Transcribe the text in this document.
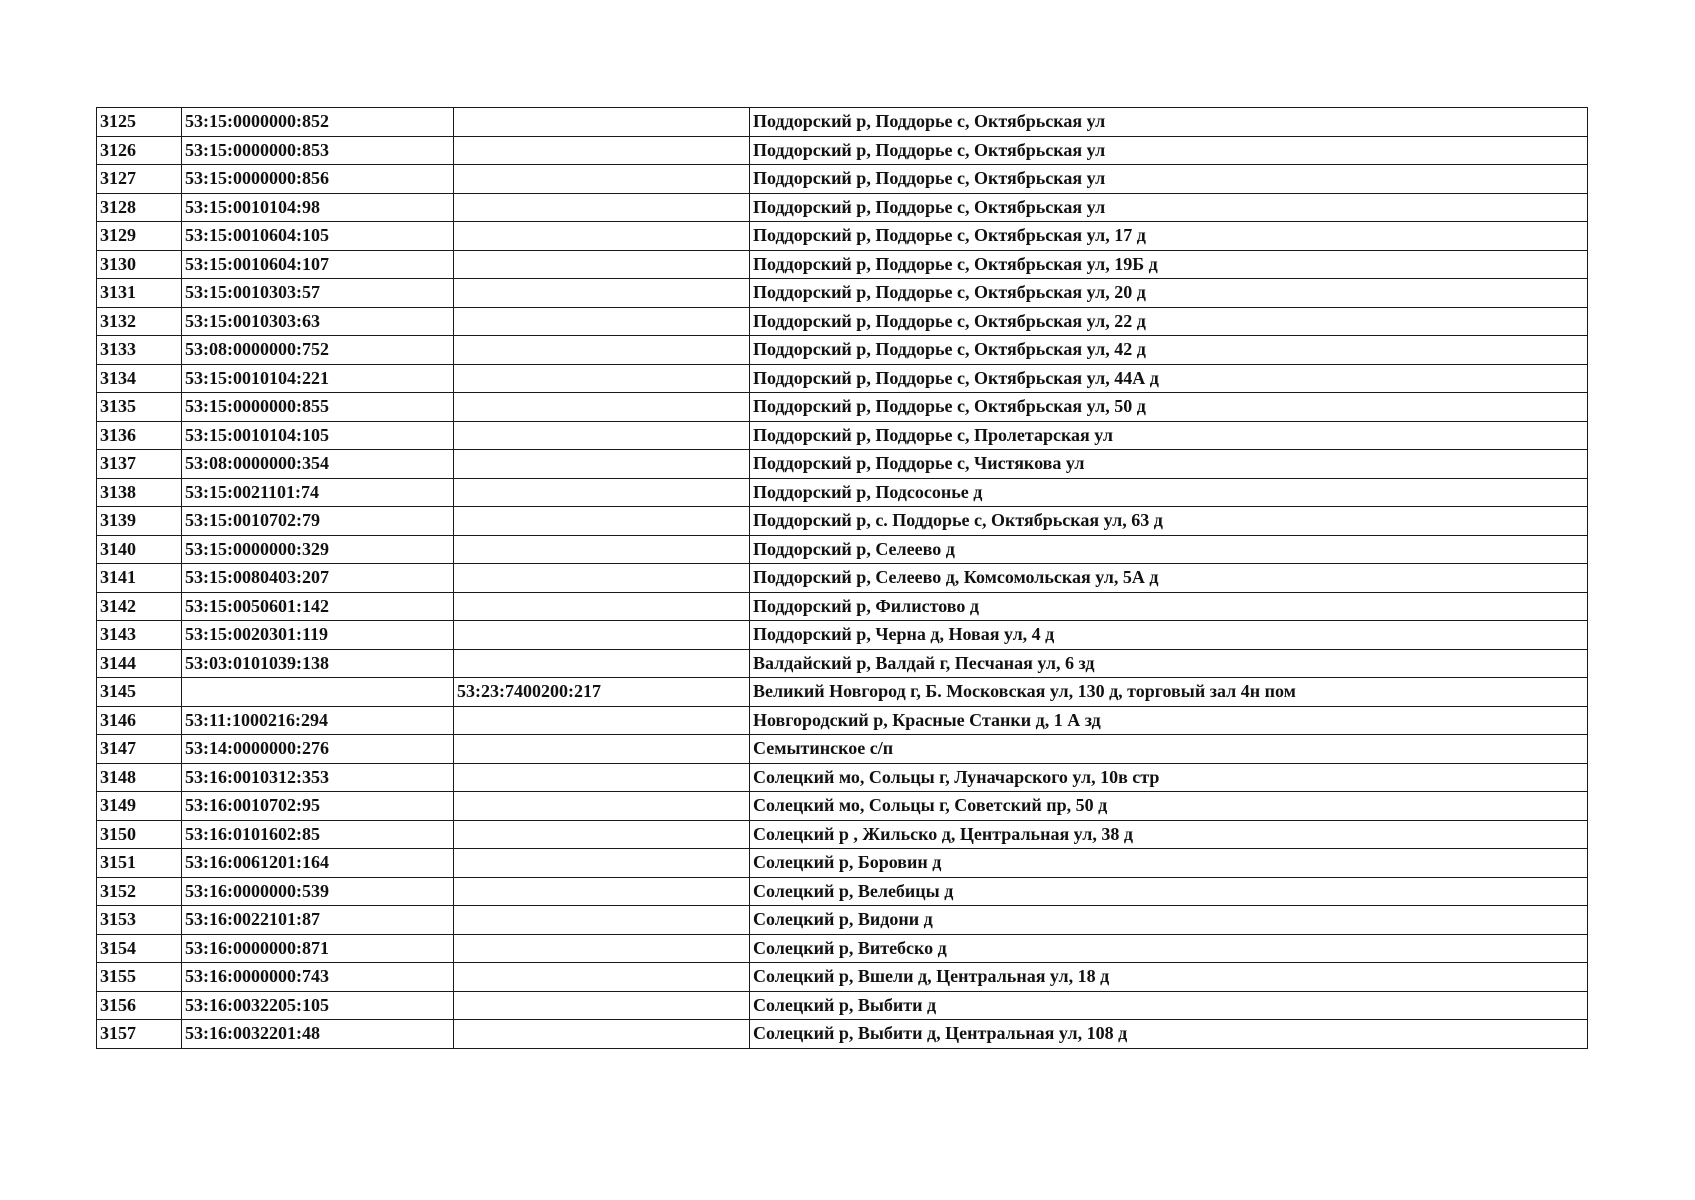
3125	53:15:0000000:852		Поддорский р, Поддорье с, Октябрьская ул
3126	53:15:0000000:853		Поддорский р, Поддорье с, Октябрьская ул
3127	53:15:0000000:856		Поддорский р, Поддорье с, Октябрьская ул
3128	53:15:0010104:98		Поддорский р, Поддорье с, Октябрьская ул
3129	53:15:0010604:105		Поддорский р, Поддорье с, Октябрьская ул, 17 д
3130	53:15:0010604:107		Поддорский р, Поддорье с, Октябрьская ул, 19Б д
3131	53:15:0010303:57		Поддорский р, Поддорье с, Октябрьская ул, 20 д
3132	53:15:0010303:63		Поддорский р, Поддорье с, Октябрьская ул, 22 д
3133	53:08:0000000:752		Поддорский р, Поддорье с, Октябрьская ул, 42 д
3134	53:15:0010104:221		Поддорский р, Поддорье с, Октябрьская ул, 44А д
3135	53:15:0000000:855		Поддорский р, Поддорье с, Октябрьская ул, 50 д
3136	53:15:0010104:105		Поддорский р, Поддорье с, Пролетарская ул
3137	53:08:0000000:354		Поддорский р, Поддорье с, Чистякова ул
3138	53:15:0021101:74		Поддорский р, Подсосонье д
3139	53:15:0010702:79		Поддорский р, с. Поддорье с, Октябрьская ул, 63 д
3140	53:15:0000000:329		Поддорский р, Селеево д
3141	53:15:0080403:207		Поддорский р, Селеево д, Комсомольская ул, 5А д
3142	53:15:0050601:142		Поддорский р, Филистово д
3143	53:15:0020301:119		Поддорский р, Черна д, Новая ул, 4 д
3144	53:03:0101039:138		Валдайский р, Валдай г, Песчаная ул, 6 зд
3145		53:23:7400200:217	Великий Новгород г, Б. Московская ул, 130 д, торговый зал 4н пом
3146	53:11:1000216:294		Новгородский р, Красные Станки д, 1 А зд
3147	53:14:0000000:276		Семытинское с/п
3148	53:16:0010312:353		Солецкий мо, Сольцы г, Луначарского ул, 10в стр
3149	53:16:0010702:95		Солецкий мо, Сольцы г, Советский пр, 50 д
3150	53:16:0101602:85		Солецкий р , Жильско д, Центральная ул, 38 д
3151	53:16:0061201:164		Солецкий р, Боровин д
3152	53:16:0000000:539		Солецкий р, Велебицы д
3153	53:16:0022101:87		Солецкий р, Видони д
3154	53:16:0000000:871		Солецкий р, Витебско д
3155	53:16:0000000:743		Солецкий р, Вшели д, Центральная ул, 18 д
3156	53:16:0032205:105		Солецкий р, Выбити д
3157	53:16:0032201:48		Солецкий р, Выбити д, Центральная ул, 108 д
